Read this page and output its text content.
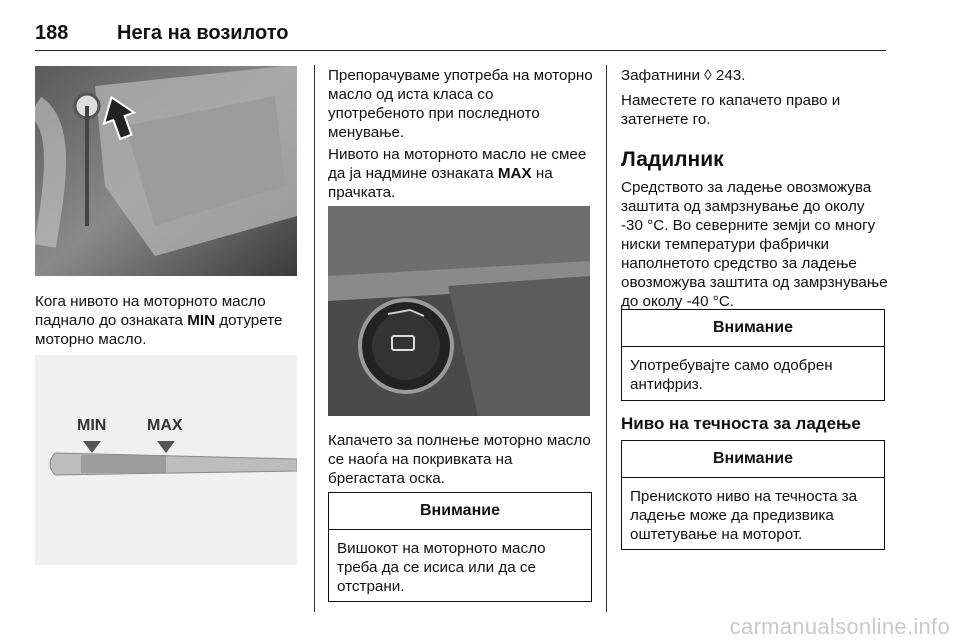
188 Нега на возилото

Кога нивото на моторното масло паднало до ознаката MIN дотурете моторно масло.

MIN	MAX

Препорачуваме употреба на моторно масло од иста класа со употребеното при последното менување.

Нивото на моторното масло не смее да ја надмине ознаката MAX на прачката.

Капачето за полнење моторно масло се наоѓа на покривката на брегастата оска.

Внимание
Вишокот на моторното масло треба да се исиса или да се отстрани.

Зафатнини ◊ 243.

Наместете го капачето право и затегнете го.

Ладилник

Средството за ладење овозможува заштита од замрзнување до околу -30 °C. Во северните земји со многу ниски температури фабрички наполнетото средство за ладење овозможува заштита од замрзнување до околу -40 °C.

Внимание
Употребувајте само одобрен антифриз.
Ниво на течноста за ладење
Внимание
Прениското ниво на течноста за ладење може да предизвика оштетување на моторот.
carmanualsonline.info
